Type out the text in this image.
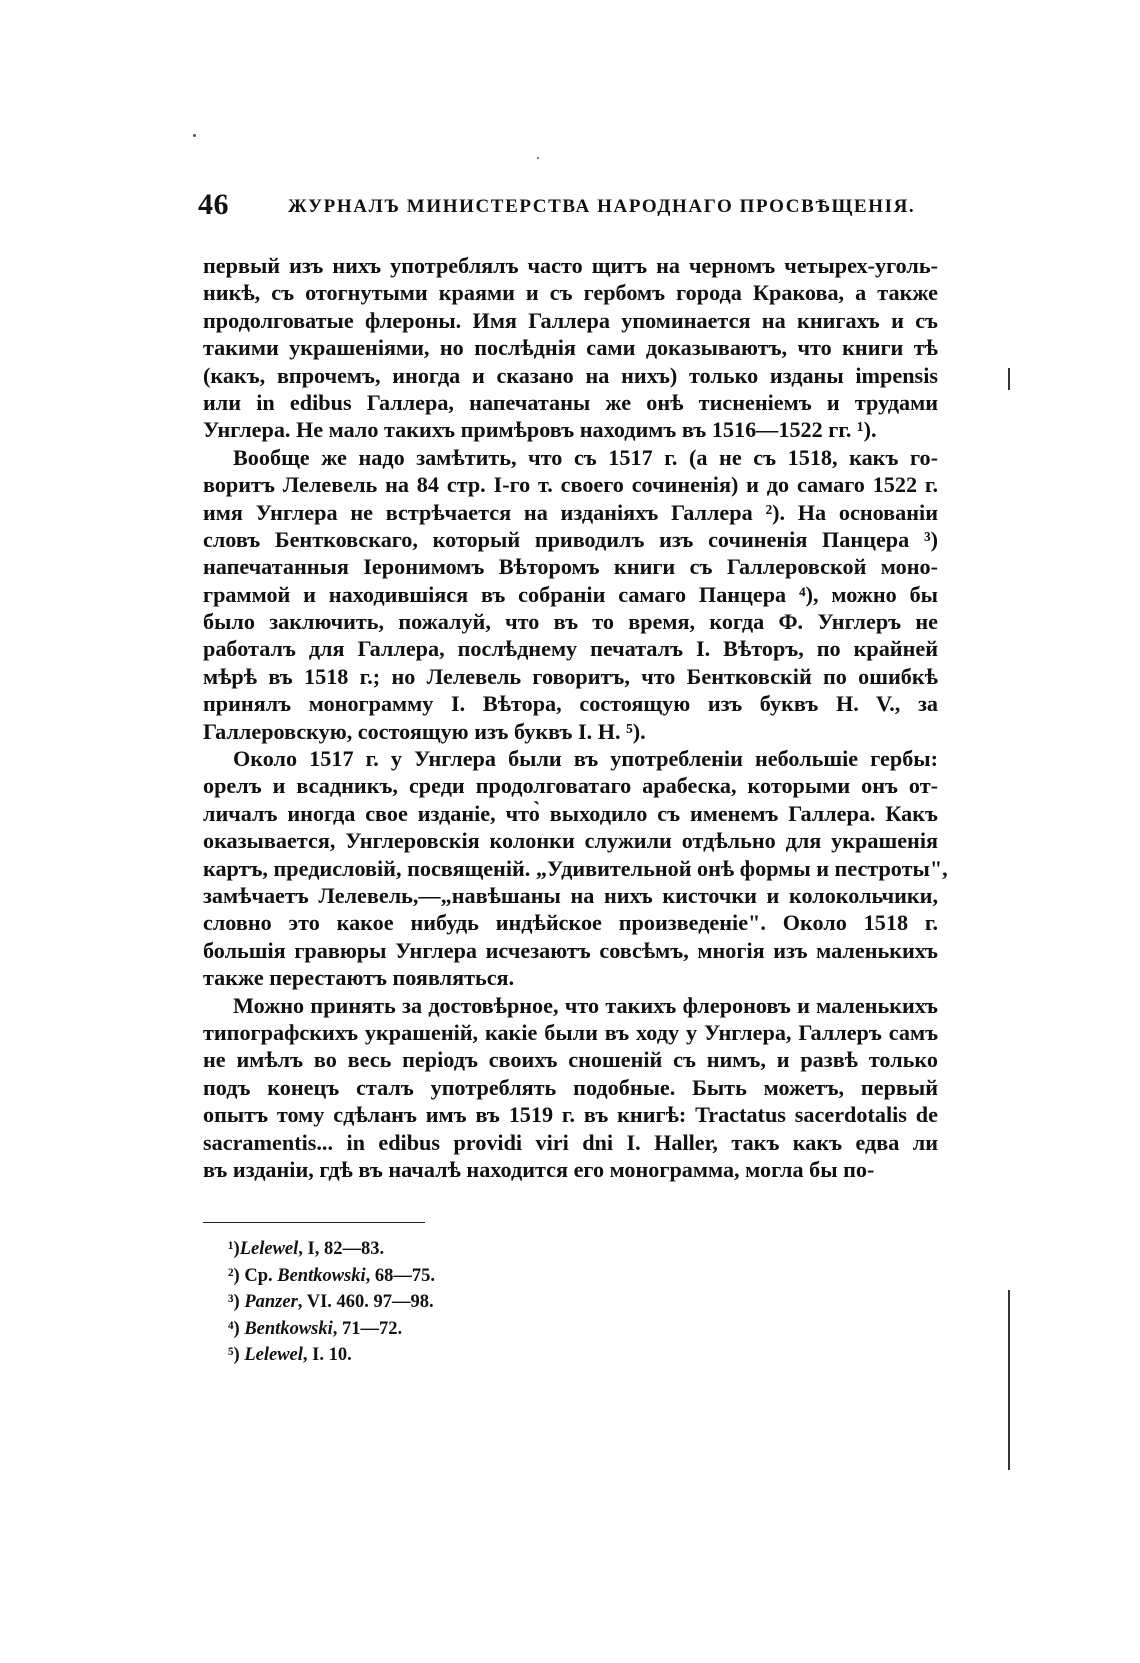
46	ЖУРНАЛЪ МИНИСТЕРСТВА НАРОДНАГО ПРОСВѢЩЕНІЯ.

первый изъ нихъ употреблялъ часто щитъ на черномъ четырех-уголь-
никѣ, съ отогнутыми краями и съ гербомъ города Кракова, а также
продолговатые флероны. Имя Галлера упоминается на книгахъ и съ
такими украшеніями, но послѣднія сами доказываютъ, что книги тѣ
(какъ, впрочемъ, иногда и сказано на нихъ) только изданы impensis
или in edibus Галлера, напечатаны же онѣ тисненіемъ и трудами
Унглера. Не мало такихъ примѣровъ находимъ въ 1516—1522 гг. ¹).

Вообще же надо замѣтить, что съ 1517 г. (а не съ 1518, какъ го-
воритъ Лелевель на 84 стр. I-го т. своего сочиненія) и до самаго 1522 г.
имя Унглера не встрѣчается на изданіяхъ Галлера ²). На основаніи
словъ Бентковскаго, который приводилъ изъ сочиненія Панцера ³)
напечатанныя Іеронимомъ Вѣторомъ книги съ Галлеровской моно-
граммой и находившіяся въ собраніи самаго Панцера ⁴), можно бы
было заключить, пожалуй, что въ то время, когда Ф. Унглеръ не
работалъ для Галлера, послѣднему печаталъ І. Вѣторъ, по крайней
мѣрѣ въ 1518 г.; но Лелевель говоритъ, что Бентковскій по ошибкѣ
принялъ монограмму І. Вѣтора, состоящую изъ буквъ H. V., за
Галлеровскую, состоящую изъ буквъ I. H. ⁵).

Около 1517 г. у Унглера были въ употребленіи небольшіе гербы:
орелъ и всадникъ, среди продолговатаго арабеска, которыми онъ от-
личалъ иногда свое изданіе, что̀ выходило съ именемъ Галлера. Какъ
оказывается, Унглеровскія колонки служили отдѣльно для украшенія
картъ, предисловій, посвященій. „Удивительной онѣ формы и пестроты",
замѣчаетъ Лелевель,—„навѣшаны на нихъ кисточки и колокольчики,
словно это какое нибудь индѣйское произведеніе". Около 1518 г.
большія гравюры Унглера исчезаютъ совсѣмъ, многія изъ маленькихъ
также перестаютъ появляться.

Можно принять за достовѣрное, что такихъ флероновъ и маленькихъ
типографскихъ украшеній, какіе были въ ходу у Унглера, Галлеръ самъ
не имѣлъ во весь періодъ своихъ сношеній съ нимъ, и развѣ только
подъ конецъ сталъ употреблять подобные. Быть можетъ, первый
опытъ тому сдѣланъ имъ въ 1519 г. въ книгѣ: Tractatus sacerdotalis de
sacramentis... in edibus providi viri dni I. Haller, такъ какъ едва ли
въ изданіи, гдѣ въ началѣ находится его монограмма, могла бы по-

¹)Lelewel, I, 82—83.
²) Ср. Bentkowski, 68—75.
³) Panzer, VI. 460. 97—98.
⁴) Bentkowski, 71—72.
⁵) Lelewel, I. 10.
